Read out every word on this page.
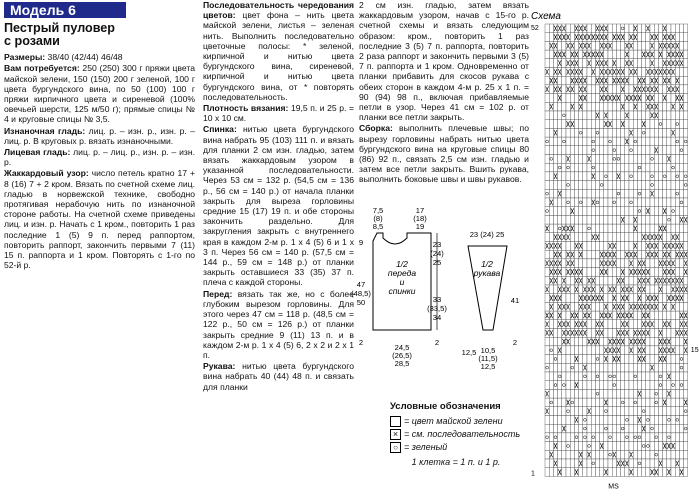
Модель 6
Пестрый пуловер
с розами

Размеры: 38/40 (42/44) 46/48

Вам потребуется: 250 (250) 300 г пряжи цвета майской зелени, 150 (150) 200 г зеленой, 100 г цвета бургундского вина, по 50 (100) 100 г пряжи кирпичного цвета и сиреневой (100% овечьей шерсти, 125 м/50 г); прямые спицы № 4 и круговые спицы № 3,5.

Изнаночная гладь: лиц. р. – изн. р., изн. р. – лиц. р. В круговых р. вязать изнаночными.

Лицевая гладь: лиц. р. – лиц. р., изн. р. – изн. р.

Жаккардовый узор: число петель кратно 17 + 8 (16) 7 + 2 кром. Вязать по счетной схеме лиц. гладью в норвежской технике, свободно протягивая нерабочую нить по изнаночной стороне работы. На счетной схеме приведены лиц. и изн. р. Начать с 1 кром., повторить 1 раз последние 1 (5) 9 п. перед раппортом, повторить раппорт, закончить первыми 7 (11) 15 п. раппорта и 1 кром. Повторять с 1-го по 52-й р.

Последовательность чередования цветов: цвет фона – нить цвета майской зелени, листья – зеленая нить. Выполнить последовательно цветочные полосы: * зеленой, кирпичной и нитью цвета бургундского вина, сиреневой, кирпичной и нитью цвета бургундского вина, от * повторять последовательность.

Плотность вязания: 19,5 п. и 25 р. = 10 х 10 см.

Спинка: нитью цвета бургундского вина набрать 95 (103) 111 п. и вязать для планки 2 см изн. гладью, затем вязать жаккардовым узором в указанной последовательности. Через 53 см = 132 р. (54,5 см = 136 р., 56 см = 140 р.) от начала планки закрыть для выреза горловины средние 15 (17) 19 п. и обе стороны закончить раздельно. Для закругления закрыть с внутреннего края в каждом 2-м р. 1 х 4 (5) 6 и 1 х 3 п. Через 56 см = 140 р. (57,5 см = 144 р., 59 см = 148 р.) от планки закрыть оставшиеся 33 (35) 37 п. плеча с каждой стороны.

Перед: вязать так же, но с более глубоким вырезом горловины. Для этого через 47 см = 118 р. (48,5 см = 122 р., 50 см = 126 р.) от планки закрыть средние 9 (11) 13 п. и в каждом 2-м р. 1 х 4 (5) 6, 2 х 2 и 2 х 1 п.

Рукава: нитью цвета бургундского вина набрать 40 (44) 48 п. и связать для планки

2 см изн. гладью, затем вязать жаккардовым узором, начав с 15-го р. счетной схемы и вязать следующим образом: кром., повторить 1 раз последние 3 (5) 7 п. раппорта, повторить 2 раза раппорт и закончить первыми 3 (5) 7 п. раппорта и 1 кром. Одновременно от планки прибавить для скосов рукава с обеих сторон в каждом 4-м р. 25 х 1 п. = 90 (94) 98 п., включая прибавляемые петли в узор. Через 41 см = 102 р. от планки все петли закрыть.

Сборка: выполнить плечевые швы; по вырезу горловины набрать нитью цвета бургундского вина на круговые спицы 80 (86) 92 п., связать 2,5 см изн. гладью и затем все петли закрыть. Вшить рукава, выполнить боковые швы и швы рукавов.

7,5
(8)
8,5
17
(18)
19
1/2
переда
и
спинки
47
(48,5)
50
23
(24)
25
33
(33,5)
34
24,5
(26,5)
28,5
9
2	2
23 (24) 25
1/2
рукава
41
10,5
(11,5)
12,5
12,5
2
Условные обозначения
= цвет майской зелени
× = см. последовательность
○ = зеленый
1 клетка = 1 п. и 1 р.
Схема
52
15
1
MS
